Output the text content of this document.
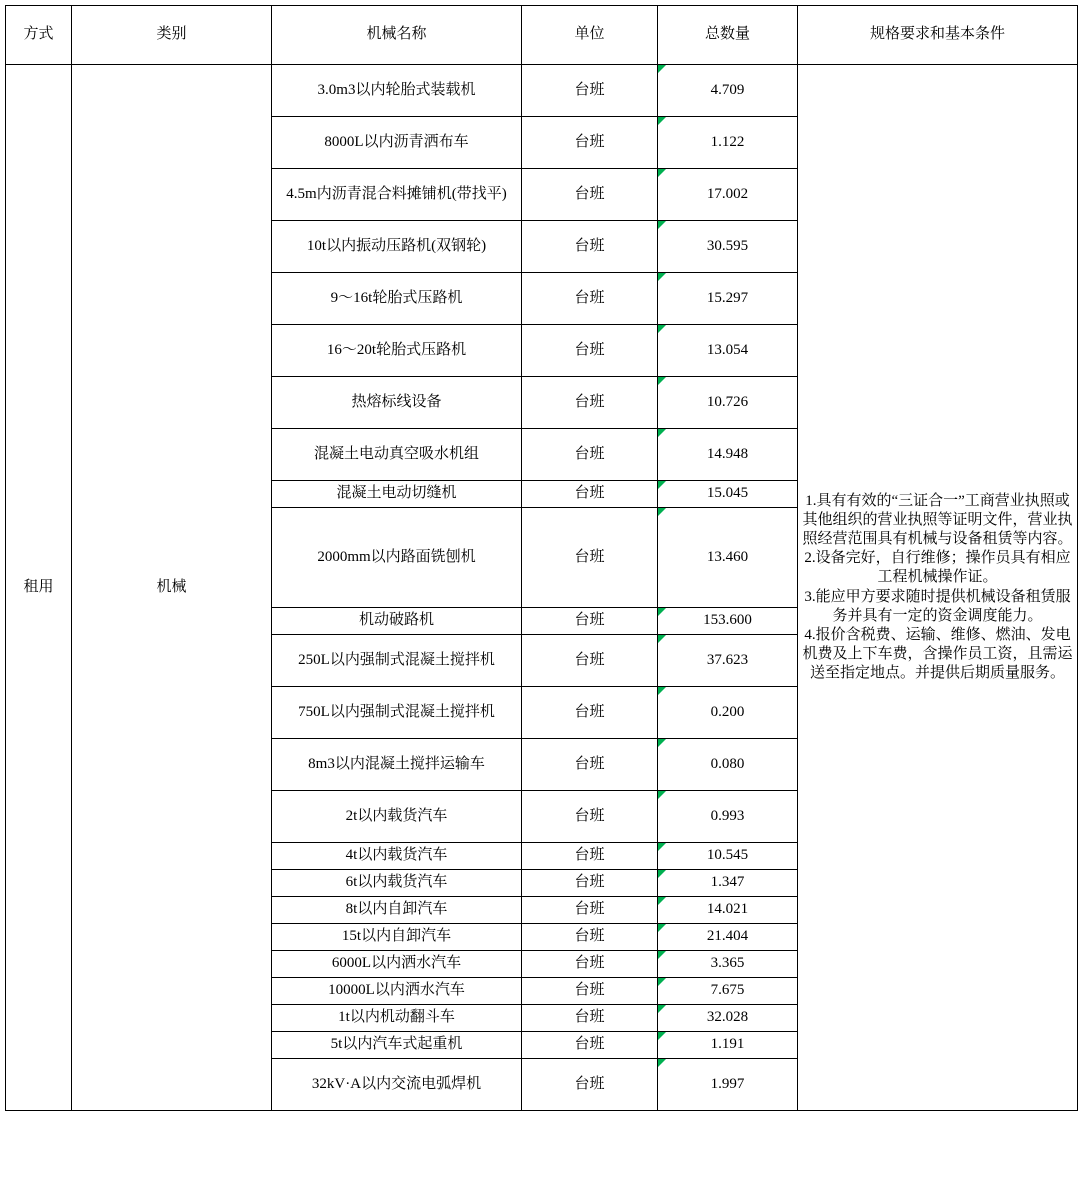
方式	类别	机械名称	单位	总数量	规格要求和基本条件
租用	机械	3.0m3以内轮胎式装载机	台班	4.709	1.具有有效的“三证合一”工商营业执照或其他组织的营业执照等证明文件，营业执照经营范围具有机械与设备租赁等内容。

2.设备完好，自行维修；操作员具有相应工程机械操作证。

3.能应甲方要求随时提供机械设备租赁服务并具有一定的资金调度能力。

4.报价含税费、运输、维修、燃油、发电机费及上下车费，含操作员工资，且需运送至指定地点。并提供后期质量服务。

		8000L以内沥青洒布车	台班	1.122	
		4.5m内沥青混合料摊铺机(带找平)	台班	17.002	
		10t以内振动压路机(双钢轮)	台班	30.595	
		9～16t轮胎式压路机	台班	15.297	
		16～20t轮胎式压路机	台班	13.054	
		热熔标线设备	台班	10.726	
		混凝土电动真空吸水机组	台班	14.948	
		混凝土电动切缝机	台班	15.045	
		2000mm以内路面铣刨机	台班	13.460	
		机动破路机	台班	153.600	
		250L以内强制式混凝土搅拌机	台班	37.623	
		750L以内强制式混凝土搅拌机	台班	0.200	
		8m3以内混凝土搅拌运输车	台班	0.080	
		2t以内载货汽车	台班	0.993	
		4t以内载货汽车	台班	10.545	
		6t以内载货汽车	台班	1.347	
		8t以内自卸汽车	台班	14.021	
		15t以内自卸汽车	台班	21.404	
		6000L以内洒水汽车	台班	3.365	
		10000L以内洒水汽车	台班	7.675	
		1t以内机动翻斗车	台班	32.028	
		5t以内汽车式起重机	台班	1.191	
		32kV·A以内交流电弧焊机	台班	1.997	
